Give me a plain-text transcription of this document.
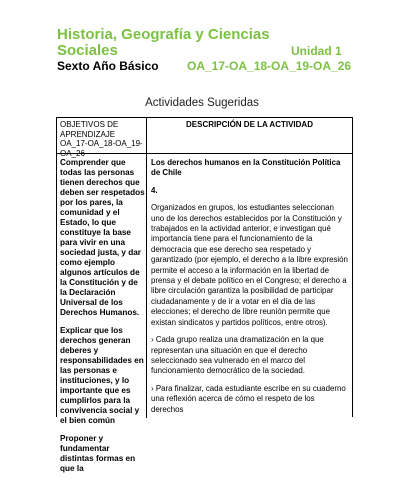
Historia, Geografía y Ciencias
Sociales	Unidad 1
Sexto Año Básico OA_17-OA_18-OA_19-OA_26
Actividades Sugeridas
OBJETIVOS DE APRENDIZAJE OA_17-OA_18-OA_19-OA_26
DESCRIPCIÓN DE LA ACTIVIDAD

Comprender que todas las personas tienen derechos que deben ser respetados por los pares, la comunidad y el Estado, lo que constituye la base para vivir en una sociedad justa, y dar como ejemplo algunos artículos de la Constitución y de la Declaración Universal de los Derechos Humanos.

Explicar que los derechos generan deberes y responsabilidades en las personas e instituciones, y lo importante que es cumplirlos para la convivencia social y el bien común

Proponer y fundamentar distintas formas en que la

Los derechos humanos en la Constitución Política de Chile

4.

Organizados en grupos, los estudiantes seleccionan uno de los derechos establecidos por la Constitución y trabajados en la actividad anterior, e investigan qué importancia tiene para el funcionamiento de la democracia que ese derecho sea respetado y garantizado (por ejemplo, el derecho a la libre expresión permite el acceso a la información en la libertad de prensa y el debate político en el Congreso; el derecho a libre circulación garantiza la posibilidad de participar ciudadanamente y de ir a votar en el día de las elecciones; el derecho de libre reunión permite que existan sindicatos y partidos políticos, entre otros).

› Cada grupo realiza una dramatización en la que representan una situación en que el derecho seleccionado sea vulnerado en el marco del funcionamiento democrático de la sociedad.

› Para finalizar, cada estudiante escribe en su cuaderno una reflexión acerca de cómo el respeto de los derechos
